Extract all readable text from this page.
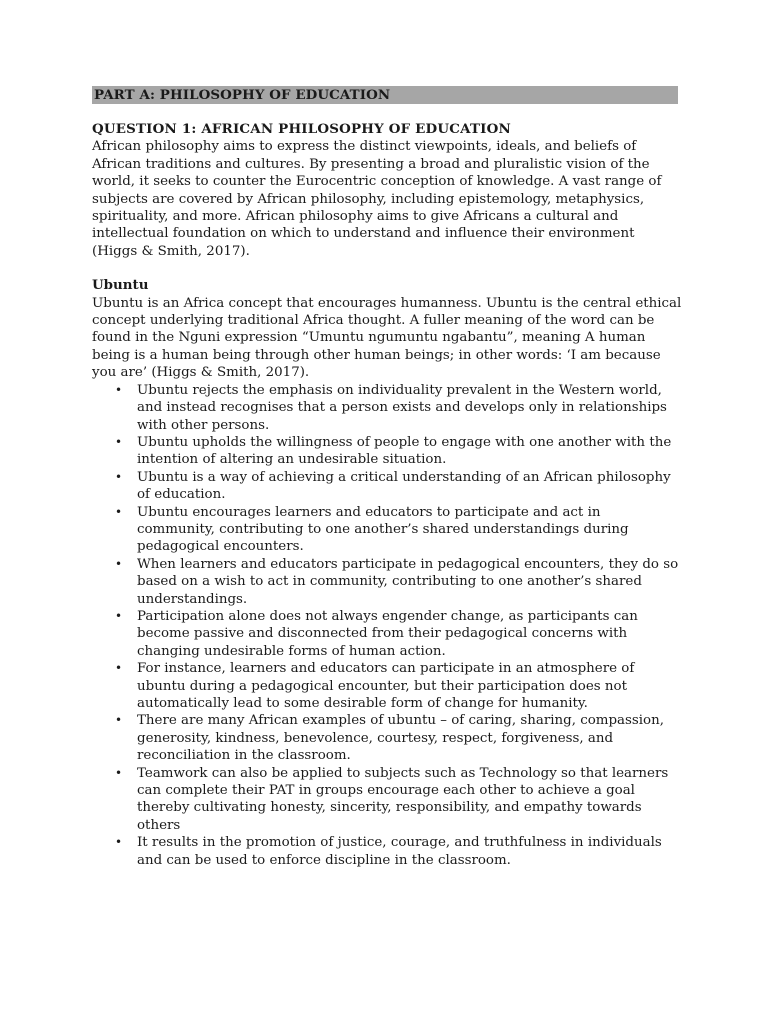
PART A: PHILOSOPHY OF EDUCATION
QUESTION 1: AFRICAN PHILOSOPHY OF EDUCATION

African philosophy aims to express the distinct viewpoints, ideals, and beliefs of African traditions and cultures. By presenting a broad and pluralistic vision of the world, it seeks to counter the Eurocentric conception of knowledge. A vast range of subjects are covered by African philosophy, including epistemology, metaphysics, spirituality, and more. African philosophy aims to give Africans a cultural and intellectual foundation on which to understand and influence their environment (Higgs & Smith, 2017).

Ubuntu

Ubuntu is an Africa concept that encourages humanness. Ubuntu is the central ethical concept underlying traditional Africa thought. A fuller meaning of the word can be found in the Nguni expression “Umuntu ngumuntu ngabantu”, meaning A human being is a human being through other human beings; in other words: ‘I am because you are’ (Higgs & Smith, 2017).

• Ubuntu rejects the emphasis on individuality prevalent in the Western world, and instead recognises that a person exists and develops only in relationships with other persons.
• Ubuntu upholds the willingness of people to engage with one another with the intention of altering an undesirable situation.
• Ubuntu is a way of achieving a critical understanding of an African philosophy of education.
• Ubuntu encourages learners and educators to participate and act in community, contributing to one another’s shared understandings during pedagogical encounters.
• When learners and educators participate in pedagogical encounters, they do so based on a wish to act in community, contributing to one another’s shared understandings.
• Participation alone does not always engender change, as participants can become passive and disconnected from their pedagogical concerns with changing undesirable forms of human action.
• For instance, learners and educators can participate in an atmosphere of ubuntu during a pedagogical encounter, but their participation does not automatically lead to some desirable form of change for humanity.
• There are many African examples of ubuntu – of caring, sharing, compassion, generosity, kindness, benevolence, courtesy, respect, forgiveness, and reconciliation in the classroom.
• Teamwork can also be applied to subjects such as Technology so that learners can complete their PAT in groups encourage each other to achieve a goal thereby cultivating honesty, sincerity, responsibility, and empathy towards others
• It results in the promotion of justice, courage, and truthfulness in individuals and can be used to enforce discipline in the classroom.
